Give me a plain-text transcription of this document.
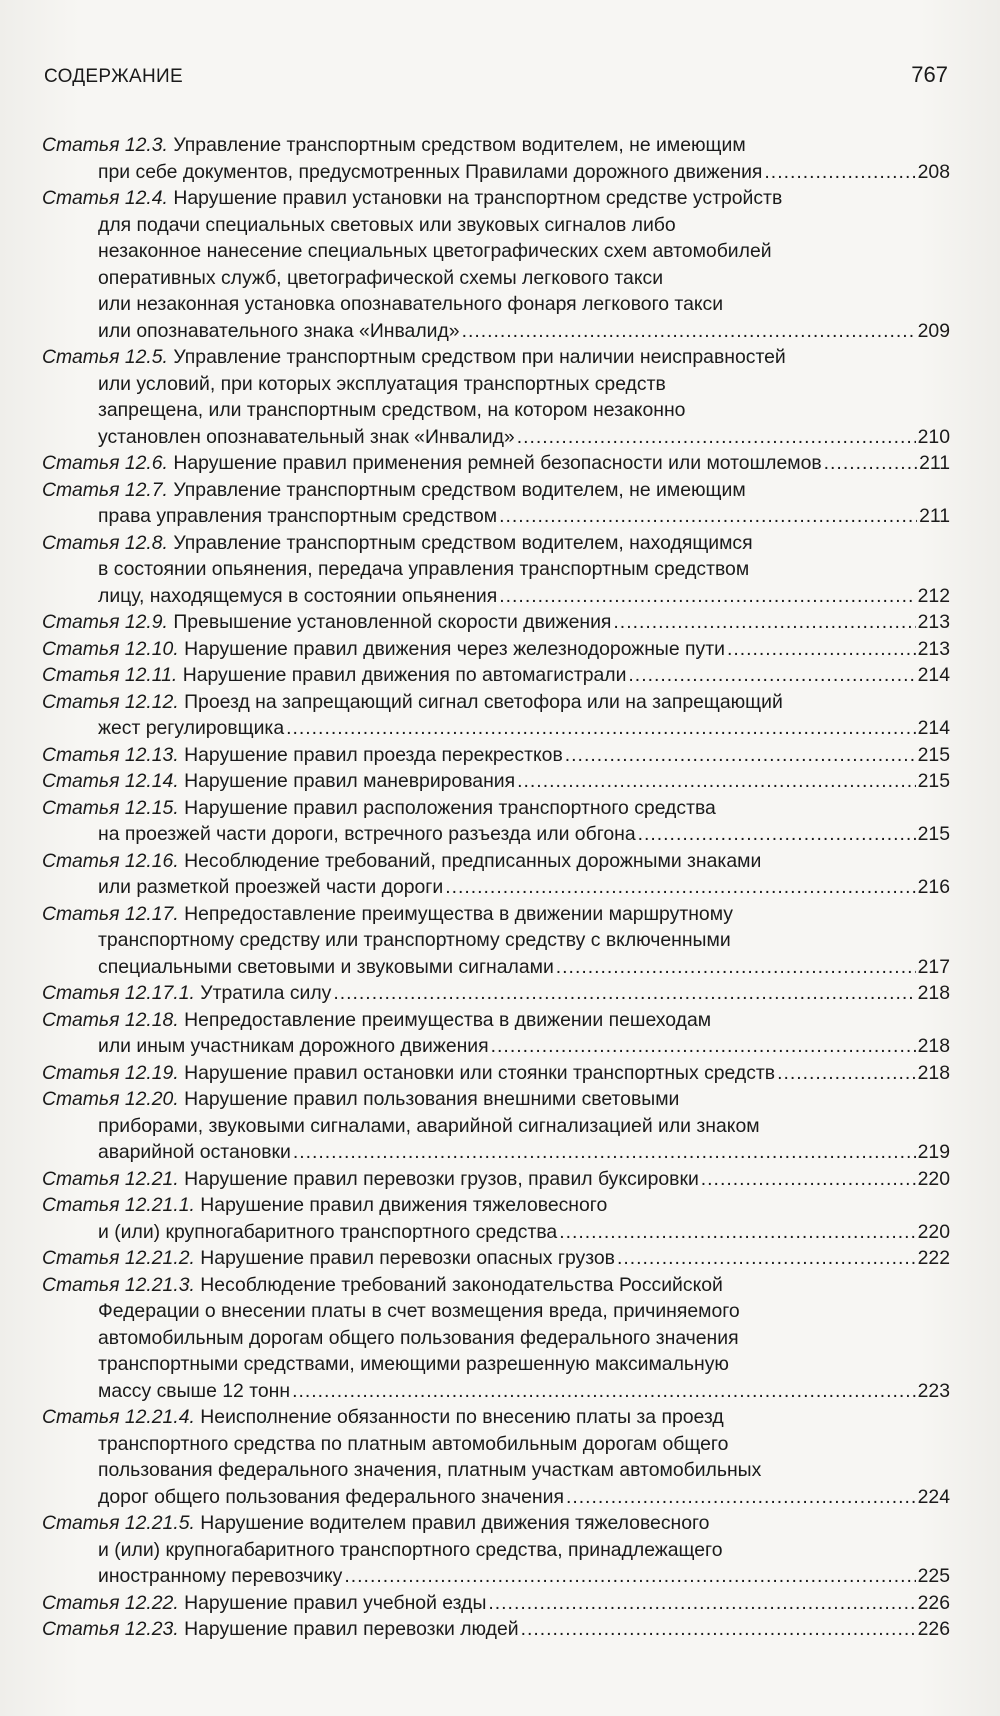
СОДЕРЖАНИЕ	767
Статья 12.3. Управление транспортным средством водителем, не имеющим
при себе документов, предусмотренных Правилами дорожного движения .....	208
Статья 12.4. Нарушение правил установки на транспортном средстве устройств
для подачи специальных световых или звуковых сигналов либо
незаконное нанесение специальных цветографических схем автомобилей
оперативных служб, цветографической схемы легкового такси
или незаконная установка опознавательного фонаря легкового такси
или опознавательного знака «Инвалид» .....	209
Статья 12.5. Управление транспортным средством при наличии неисправностей
или условий, при которых эксплуатация транспортных средств
запрещена, или транспортным средством, на котором незаконно
установлен опознавательный знак «Инвалид» .....	210
Статья 12.6. Нарушение правил применения ремней безопасности или мотошлемов .....	211
Статья 12.7. Управление транспортным средством водителем, не имеющим
права управления транспортным средством .....	211
Статья 12.8. Управление транспортным средством водителем, находящимся
в состоянии опьянения, передача управления транспортным средством
лицу, находящемуся в состоянии опьянения .....	212
Статья 12.9. Превышение установленной скорости движения .....	213
Статья 12.10. Нарушение правил движения через железнодорожные пути .....	213
Статья 12.11. Нарушение правил движения по автомагистрали .....	214
Статья 12.12. Проезд на запрещающий сигнал светофора или на запрещающий
жест регулировщика .....	214
Статья 12.13. Нарушение правил проезда перекрестков .....	215
Статья 12.14. Нарушение правил маневрирования .....	215
Статья 12.15. Нарушение правил расположения транспортного средства
на проезжей части дороги, встречного разъезда или обгона .....	215
Статья 12.16. Несоблюдение требований, предписанных дорожными знаками
или разметкой проезжей части дороги .....	216
Статья 12.17. Непредоставление преимущества в движении маршрутному
транспортному средству или транспортному средству с включенными
специальными световыми и звуковыми сигналами .....	217
Статья 12.17.1. Утратила силу .....	218
Статья 12.18. Непредоставление преимущества в движении пешеходам
или иным участникам дорожного движения .....	218
Статья 12.19. Нарушение правил остановки или стоянки транспортных средств .....	218
Статья 12.20. Нарушение правил пользования внешними световыми
приборами, звуковыми сигналами, аварийной сигнализацией или знаком
аварийной остановки .....	219
Статья 12.21. Нарушение правил перевозки грузов, правил буксировки .....	220
Статья 12.21.1. Нарушение правил движения тяжеловесного
и (или) крупногабаритного транспортного средства .....	220
Статья 12.21.2. Нарушение правил перевозки опасных грузов .....	222
Статья 12.21.3. Несоблюдение требований законодательства Российской
Федерации о внесении платы в счет возмещения вреда, причиняемого
автомобильным дорогам общего пользования федерального значения
транспортными средствами, имеющими разрешенную максимальную
массу свыше 12 тонн .....	223
Статья 12.21.4. Неисполнение обязанности по внесению платы за проезд
транспортного средства по платным автомобильным дорогам общего
пользования федерального значения, платным участкам автомобильных
дорог общего пользования федерального значения .....	224
Статья 12.21.5. Нарушение водителем правил движения тяжеловесного
и (или) крупногабаритного транспортного средства, принадлежащего
иностранному перевозчику .....	225
Статья 12.22. Нарушение правил учебной езды .....	226
Статья 12.23. Нарушение правил перевозки людей .....	226
